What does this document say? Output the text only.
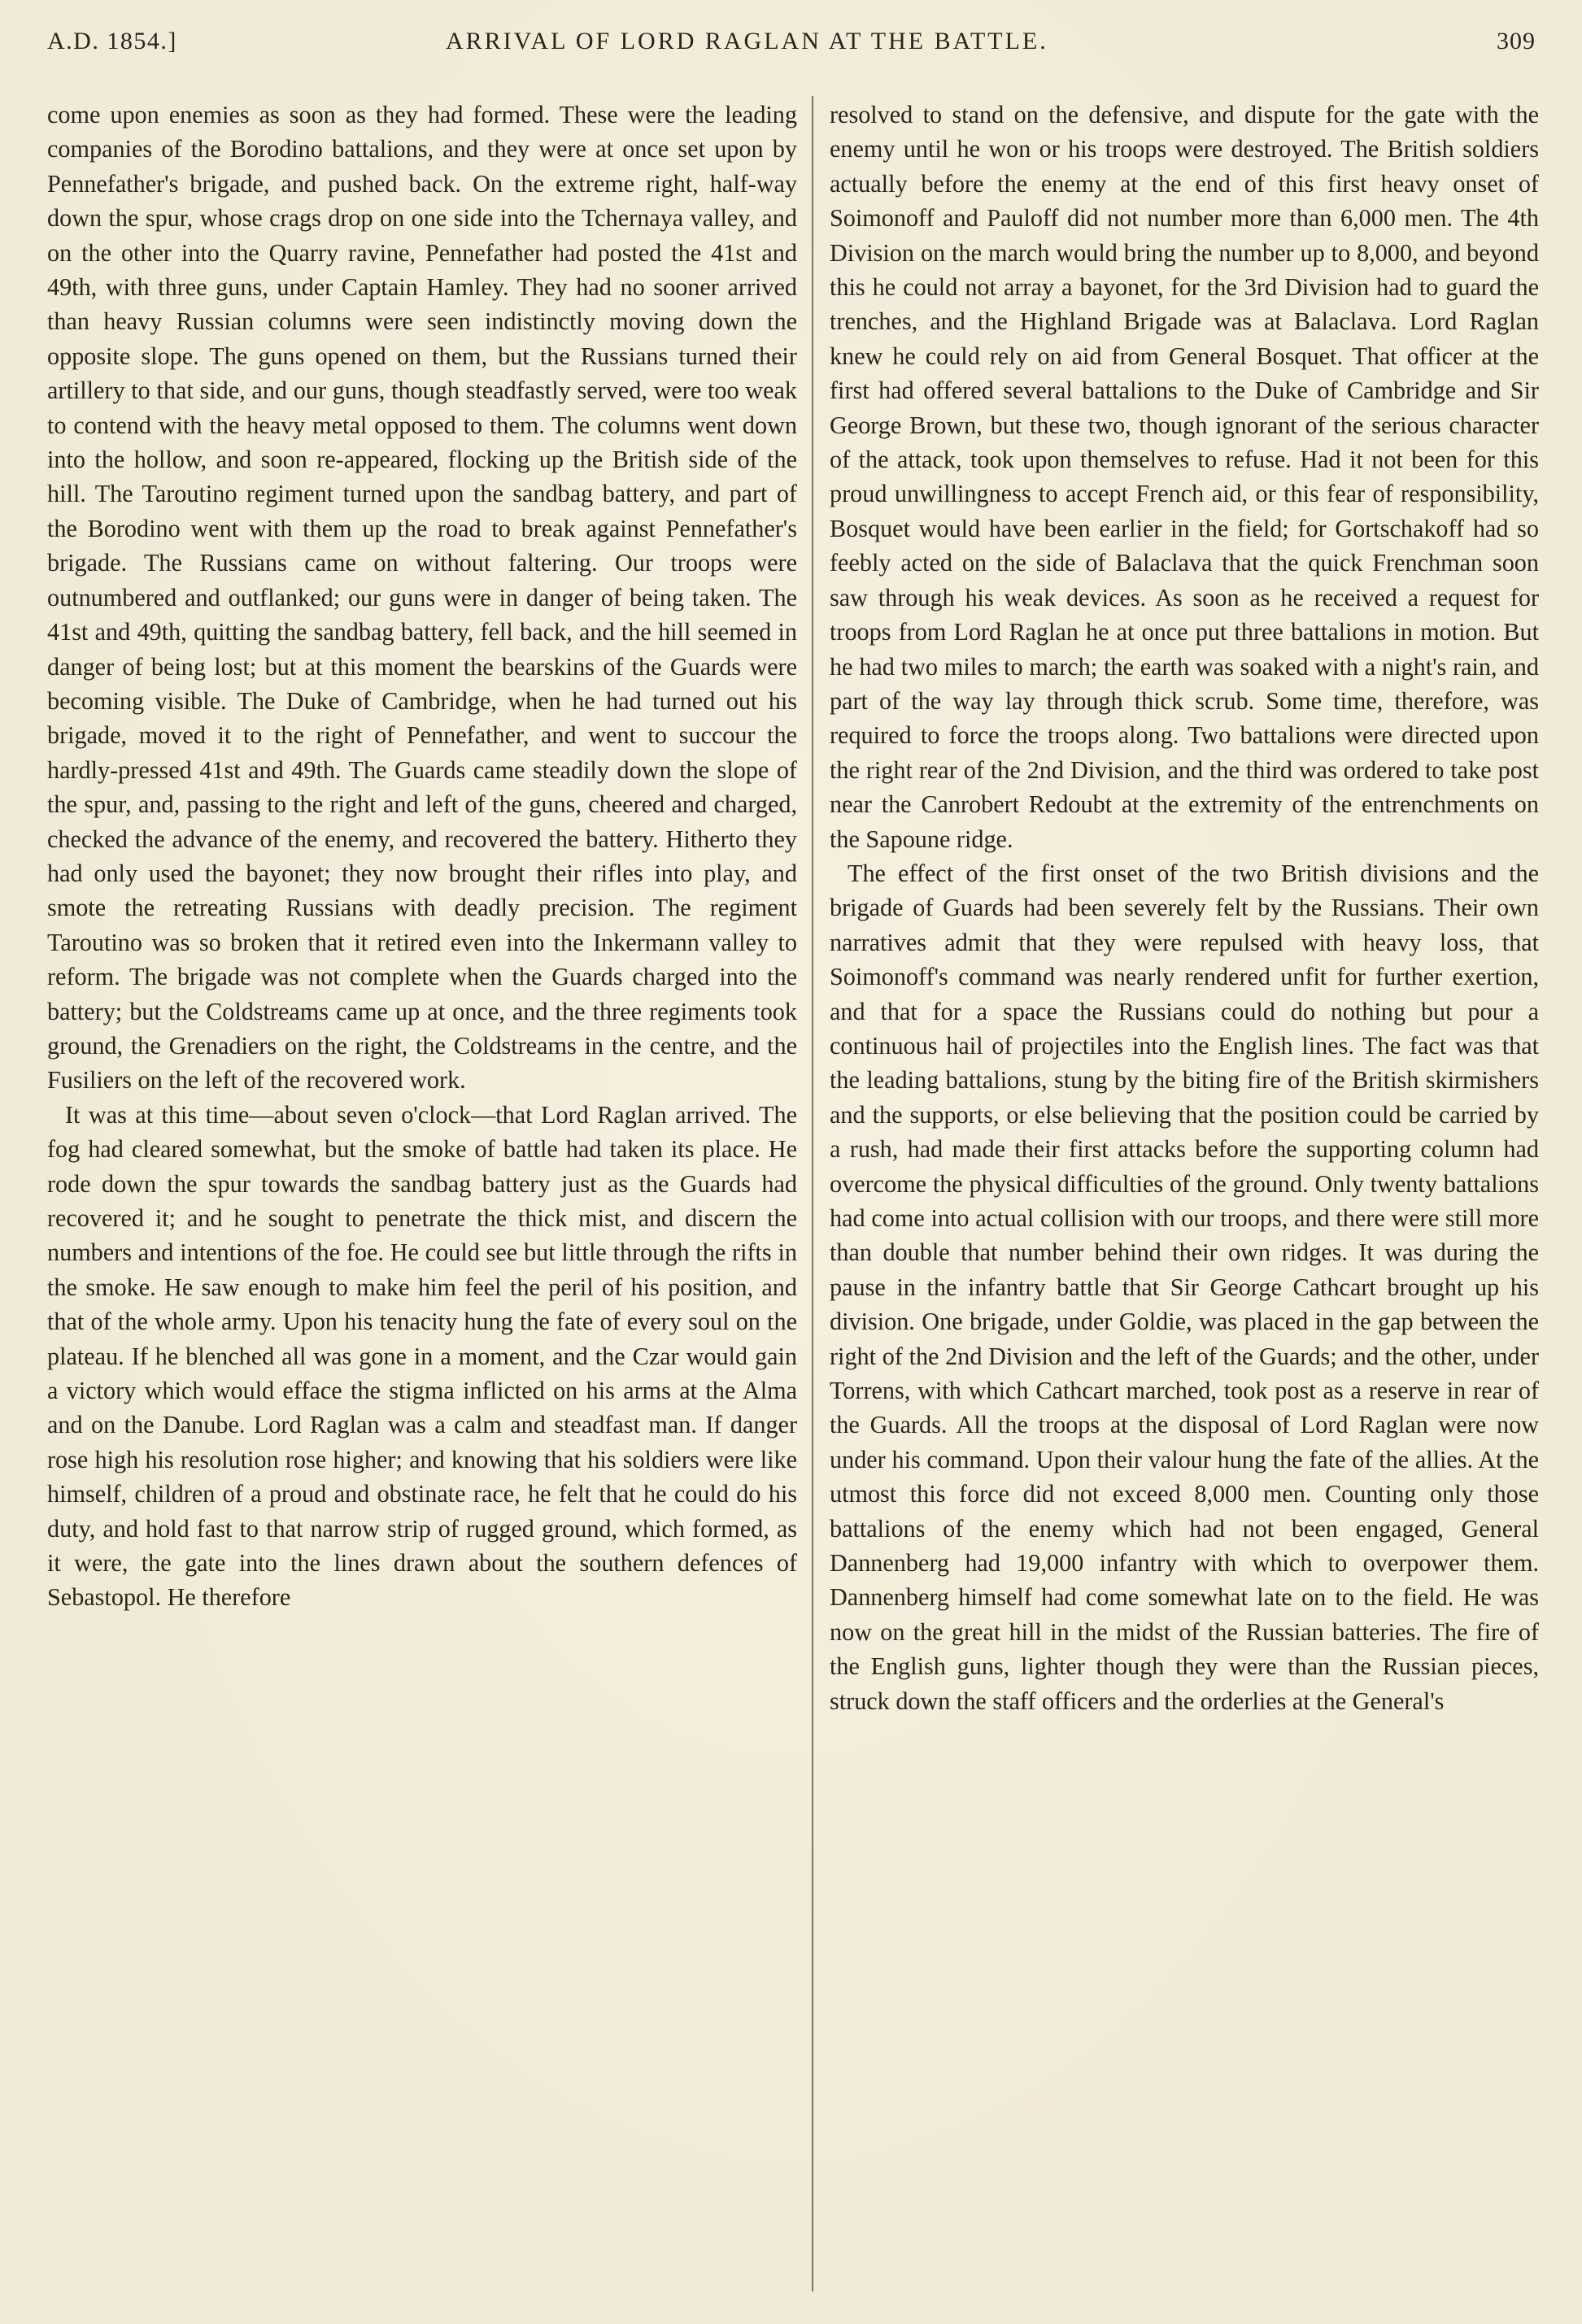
A.D. 1854.]	ARRIVAL OF LORD RAGLAN AT THE BATTLE.	309

come upon enemies as soon as they had formed. These were the leading companies of the Borodino battalions, and they were at once set upon by Pennefather's brigade, and pushed back. On the extreme right, half-way down the spur, whose crags drop on one side into the Tchernaya valley, and on the other into the Quarry ravine, Pennefather had posted the 41st and 49th, with three guns, under Captain Hamley. They had no sooner arrived than heavy Russian columns were seen indistinctly moving down the opposite slope. The guns opened on them, but the Russians turned their artillery to that side, and our guns, though steadfastly served, were too weak to contend with the heavy metal opposed to them. The columns went down into the hollow, and soon re-appeared, flocking up the British side of the hill. The Taroutino regiment turned upon the sandbag battery, and part of the Borodino went with them up the road to break against Pennefather's brigade. The Russians came on without faltering. Our troops were outnumbered and outflanked; our guns were in danger of being taken. The 41st and 49th, quitting the sandbag battery, fell back, and the hill seemed in danger of being lost; but at this moment the bearskins of the Guards were becoming visible. The Duke of Cambridge, when he had turned out his brigade, moved it to the right of Pennefather, and went to succour the hardly-pressed 41st and 49th. The Guards came steadily down the slope of the spur, and, passing to the right and left of the guns, cheered and charged, checked the advance of the enemy, and recovered the battery. Hitherto they had only used the bayonet; they now brought their rifles into play, and smote the retreating Russians with deadly precision. The regiment Taroutino was so broken that it retired even into the Inkermann valley to reform. The brigade was not complete when the Guards charged into the battery; but the Coldstreams came up at once, and the three regiments took ground, the Grenadiers on the right, the Coldstreams in the centre, and the Fusiliers on the left of the recovered work.

It was at this time—about seven o'clock—that Lord Raglan arrived. The fog had cleared somewhat, but the smoke of battle had taken its place. He rode down the spur towards the sandbag battery just as the Guards had recovered it; and he sought to penetrate the thick mist, and discern the numbers and intentions of the foe. He could see but little through the rifts in the smoke. He saw enough to make him feel the peril of his position, and that of the whole army. Upon his tenacity hung the fate of every soul on the plateau. If he blenched all was gone in a moment, and the Czar would gain a victory which would efface the stigma inflicted on his arms at the Alma and on the Danube. Lord Raglan was a calm and steadfast man. If danger rose high his resolution rose higher; and knowing that his soldiers were like himself, children of a proud and obstinate race, he felt that he could do his duty, and hold fast to that narrow strip of rugged ground, which formed, as it were, the gate into the lines drawn about the southern defences of Sebastopol. He therefore

resolved to stand on the defensive, and dispute for the gate with the enemy until he won or his troops were destroyed. The British soldiers actually before the enemy at the end of this first heavy onset of Soimonoff and Pauloff did not number more than 6,000 men. The 4th Division on the march would bring the number up to 8,000, and beyond this he could not array a bayonet, for the 3rd Division had to guard the trenches, and the Highland Brigade was at Balaclava. Lord Raglan knew he could rely on aid from General Bosquet. That officer at the first had offered several battalions to the Duke of Cambridge and Sir George Brown, but these two, though ignorant of the serious character of the attack, took upon themselves to refuse. Had it not been for this proud unwillingness to accept French aid, or this fear of responsibility, Bosquet would have been earlier in the field; for Gortschakoff had so feebly acted on the side of Balaclava that the quick Frenchman soon saw through his weak devices. As soon as he received a request for troops from Lord Raglan he at once put three battalions in motion. But he had two miles to march; the earth was soaked with a night's rain, and part of the way lay through thick scrub. Some time, therefore, was required to force the troops along. Two battalions were directed upon the right rear of the 2nd Division, and the third was ordered to take post near the Canrobert Redoubt at the extremity of the entrenchments on the Sapoune ridge.

The effect of the first onset of the two British divisions and the brigade of Guards had been severely felt by the Russians. Their own narratives admit that they were repulsed with heavy loss, that Soimonoff's command was nearly rendered unfit for further exertion, and that for a space the Russians could do nothing but pour a continuous hail of projectiles into the English lines. The fact was that the leading battalions, stung by the biting fire of the British skirmishers and the supports, or else believing that the position could be carried by a rush, had made their first attacks before the supporting column had overcome the physical difficulties of the ground. Only twenty battalions had come into actual collision with our troops, and there were still more than double that number behind their own ridges. It was during the pause in the infantry battle that Sir George Cathcart brought up his division. One brigade, under Goldie, was placed in the gap between the right of the 2nd Division and the left of the Guards; and the other, under Torrens, with which Cathcart marched, took post as a reserve in rear of the Guards. All the troops at the disposal of Lord Raglan were now under his command. Upon their valour hung the fate of the allies. At the utmost this force did not exceed 8,000 men. Counting only those battalions of the enemy which had not been engaged, General Dannenberg had 19,000 infantry with which to overpower them. Dannenberg himself had come somewhat late on to the field. He was now on the great hill in the midst of the Russian batteries. The fire of the English guns, lighter though they were than the Russian pieces, struck down the staff officers and the orderlies at the General's
